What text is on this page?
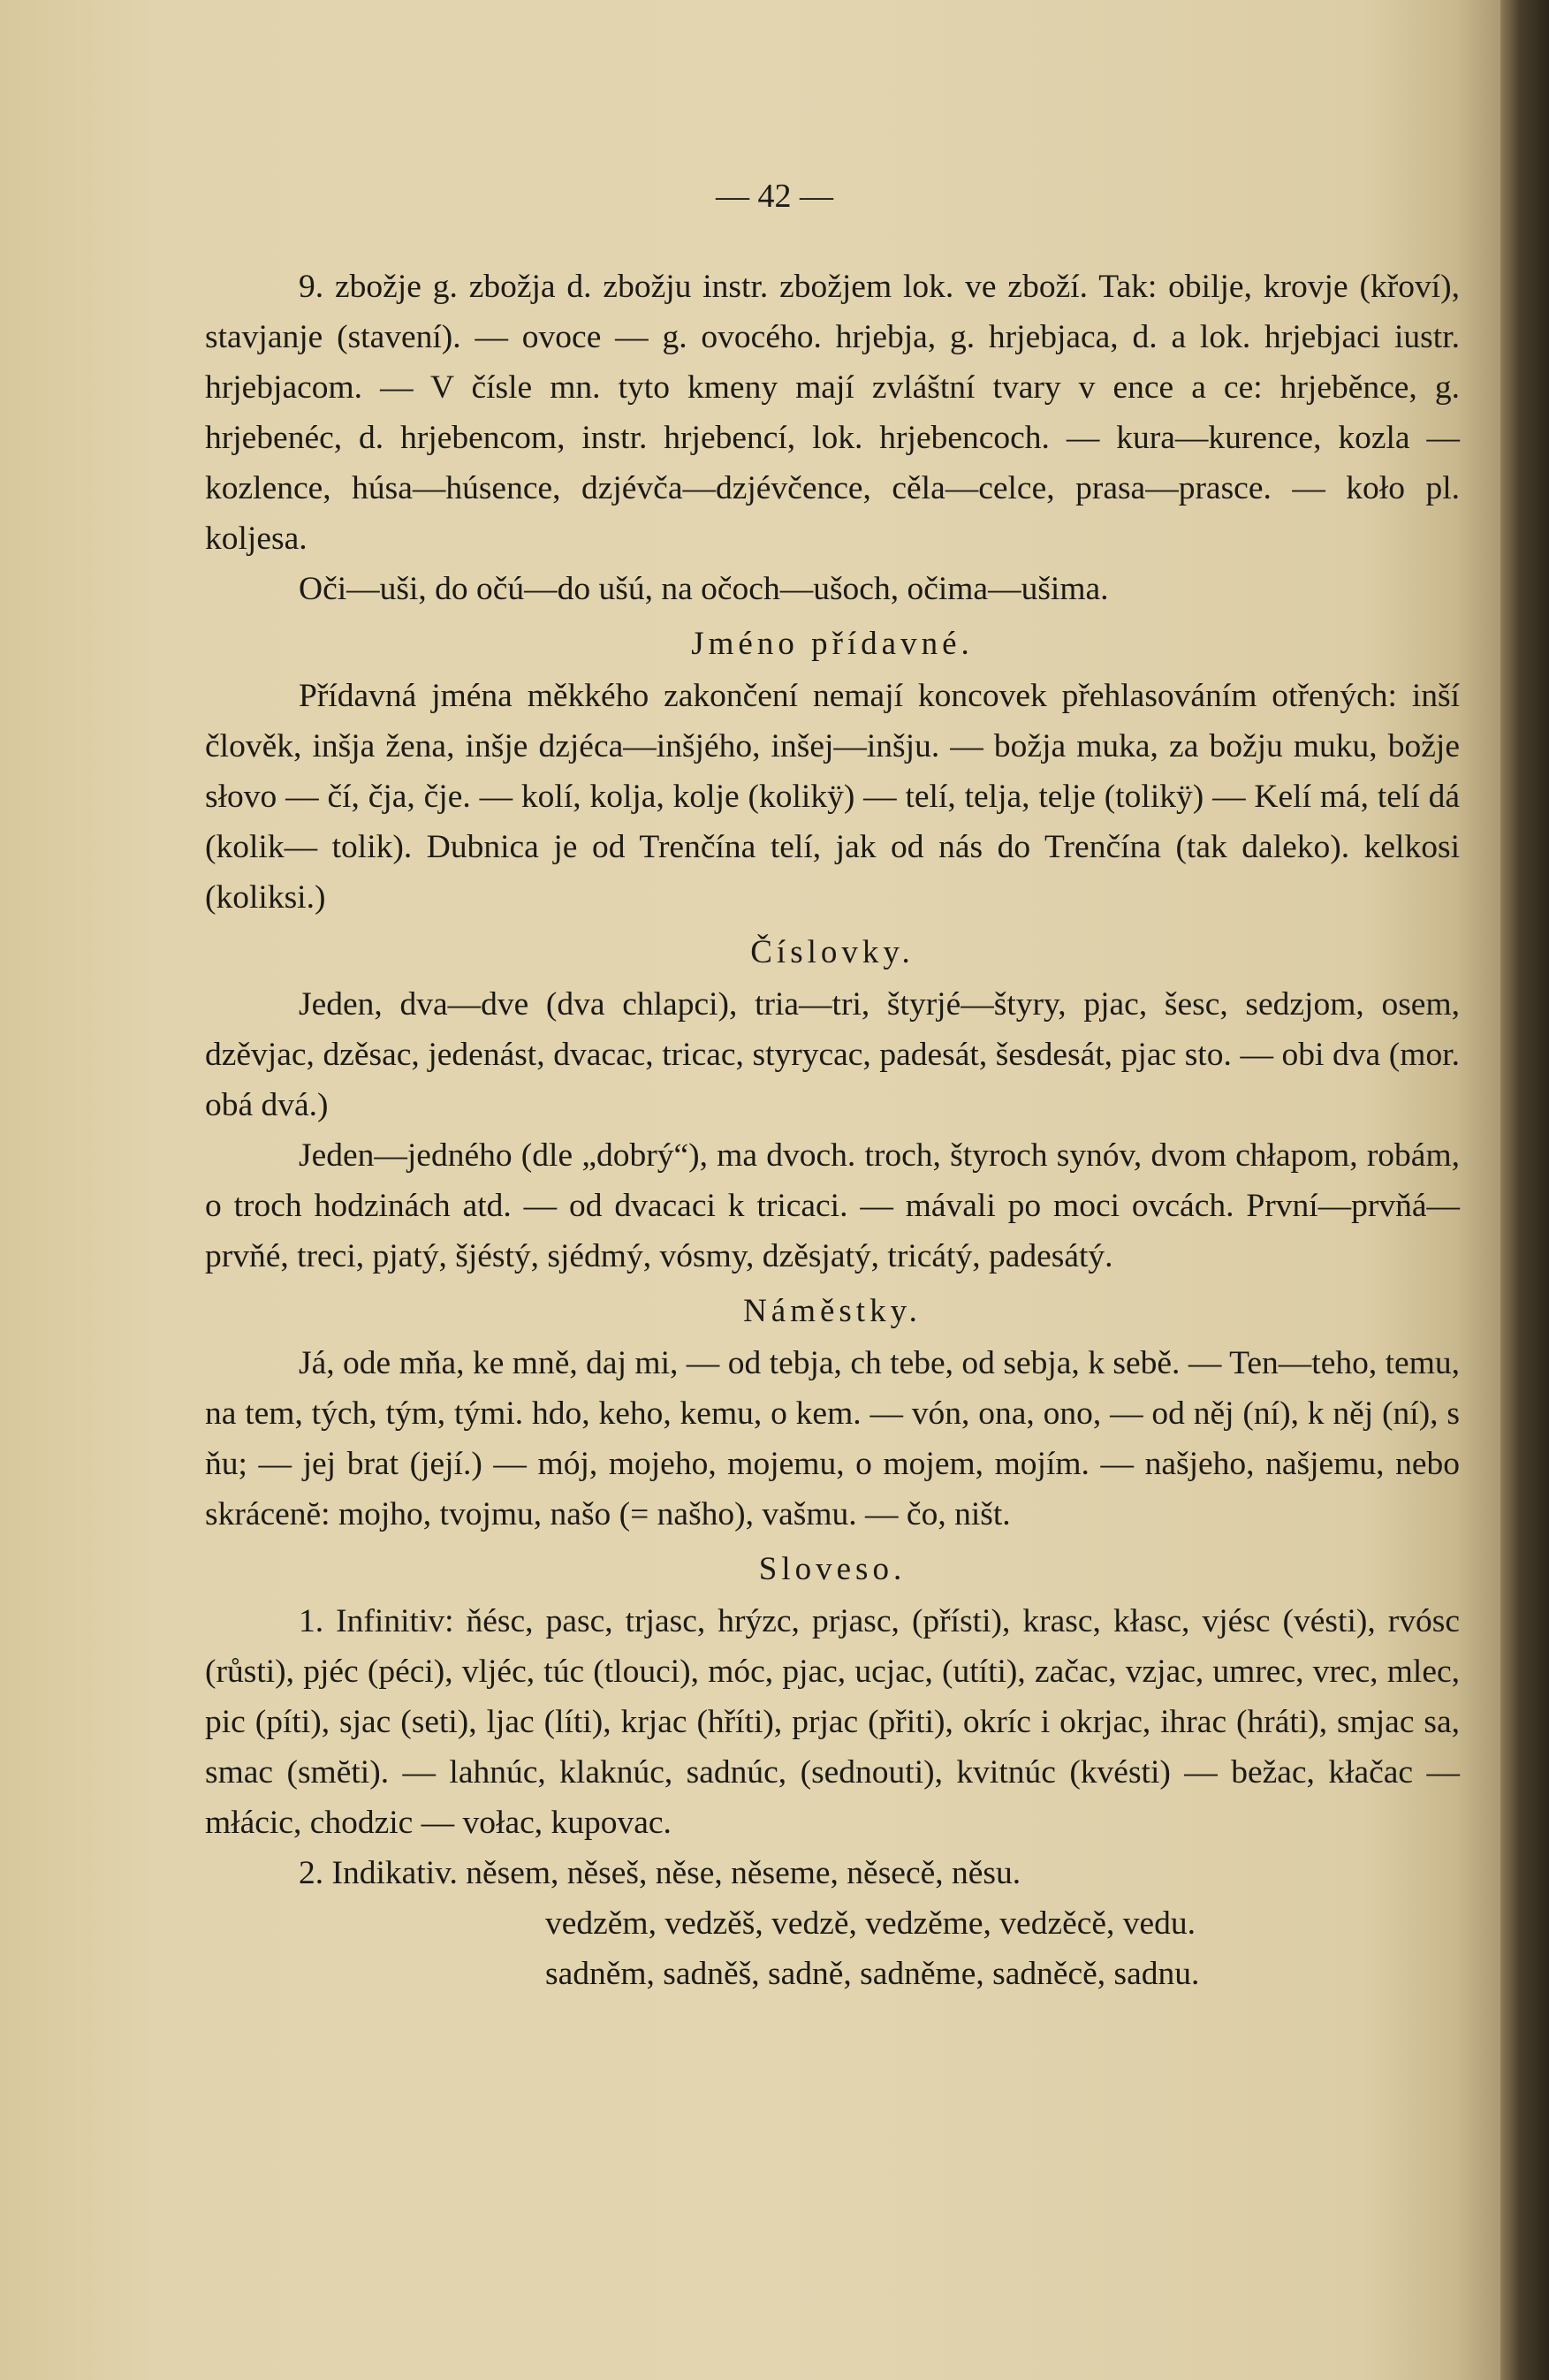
— 42 —

9. zbožje g. zbožja d. zbožju instr. zbožjem lok. ve zboží. Tak: obilje, krovje (křoví), stavjanje (stavení). — ovoce — g. ovocého. hrjebja, g. hrjebjaca, d. a lok. hrjebjaci iustr. hrjebjacom. — V čísle mn. tyto kmeny mají zvláštní tvary v ence a ce: hrjeběnce, g. hrjebenéc, d. hrjebencom, instr. hrjebencí, lok. hrjebencoch. — kura—kurence, kozla — kozlence, húsa—húsence, dzjévča—dzjévčence, cěla—celce, prasa—prasce. — koło pl. koljesa.

Oči—uši, do očú—do ušú, na očoch—ušoch, očima—ušima.

Jméno přídavné.

Přídavná jména měkkého zakončení nemají koncovek přehlasováním otřených: inší člověk, inšja žena, inšje dzjéca—inšjého, inšej—inšju. — božja muka, za božju muku, božje słovo — čí, čja, čje. — kolí, kolja, kolje (kolikÿ) — telí, telja, telje (tolikÿ) — Kelí má, telí dá (kolik— tolik). Dubnica je od Trenčína telí, jak od nás do Trenčína (tak daleko). kelkosi (koliksi.)

Číslovky.

Jeden, dva—dve (dva chlapci), tria—tri, štyrjé—štyry, pjac, šesc, sedzjom, osem, dzěvjac, dzěsac, jedenást, dvacac, tricac, styrycac, padesát, šesdesát, pjac sto. — obi dva (mor. obá dvá.)

Jeden—jedného (dle „dobrý“), ma dvoch. troch, štyroch synóv, dvom chłapom, robám, o troch hodzinách atd. — od dvacaci k tricaci. — mávali po moci ovcách. První—prvňá—prvňé, treci, pjatý, šjéstý, sjédmý, vósmy, dzěsjatý, tricátý, padesátý.

Náměstky.

Já, ode mňa, ke mně, daj mi, — od tebja, ch tebe, od sebja, k sebě. — Ten—teho, temu, na tem, tých, tým, tými. hdo, keho, kemu, o kem. — vón, ona, ono, — od něj (ní), k něj (ní), s ňu; — jej brat (její.) — mój, mojeho, mojemu, o mojem, mojím. — našjeho, našjemu, nebo skrácenĕ: mojho, tvojmu, našo (= našho), vašmu. — čo, ništ.

Sloveso.

1. Infinitiv: ňésc, pasc, trjasc, hrýzc, prjasc, (přísti), krasc, kłasc, vjésc (vésti), rvósc (růsti), pjéc (péci), vljéc, túc (tlouci), móc, pjac, ucjac, (utíti), začac, vzjac, umrec, vrec, mlec, pic (píti), sjac (seti), ljac (líti), krjac (hříti), prjac (přiti), okríc i okrjac, ihrac (hráti), smjac sa, smac (smĕti). — lahnúc, klaknúc, sadnúc, (sednouti), kvitnúc (kvésti) — bežac, kłačac — młácic, chodzic — vołac, kupovac.

2. Indikativ. něsem, něseš, něse, něseme, něsecě, něsu.

vedzěm, vedzěš, vedzě, vedzěme, vedzěcě, vedu.

sadněm, sadněš, sadně, sadněme, sadněcě, sadnu.
